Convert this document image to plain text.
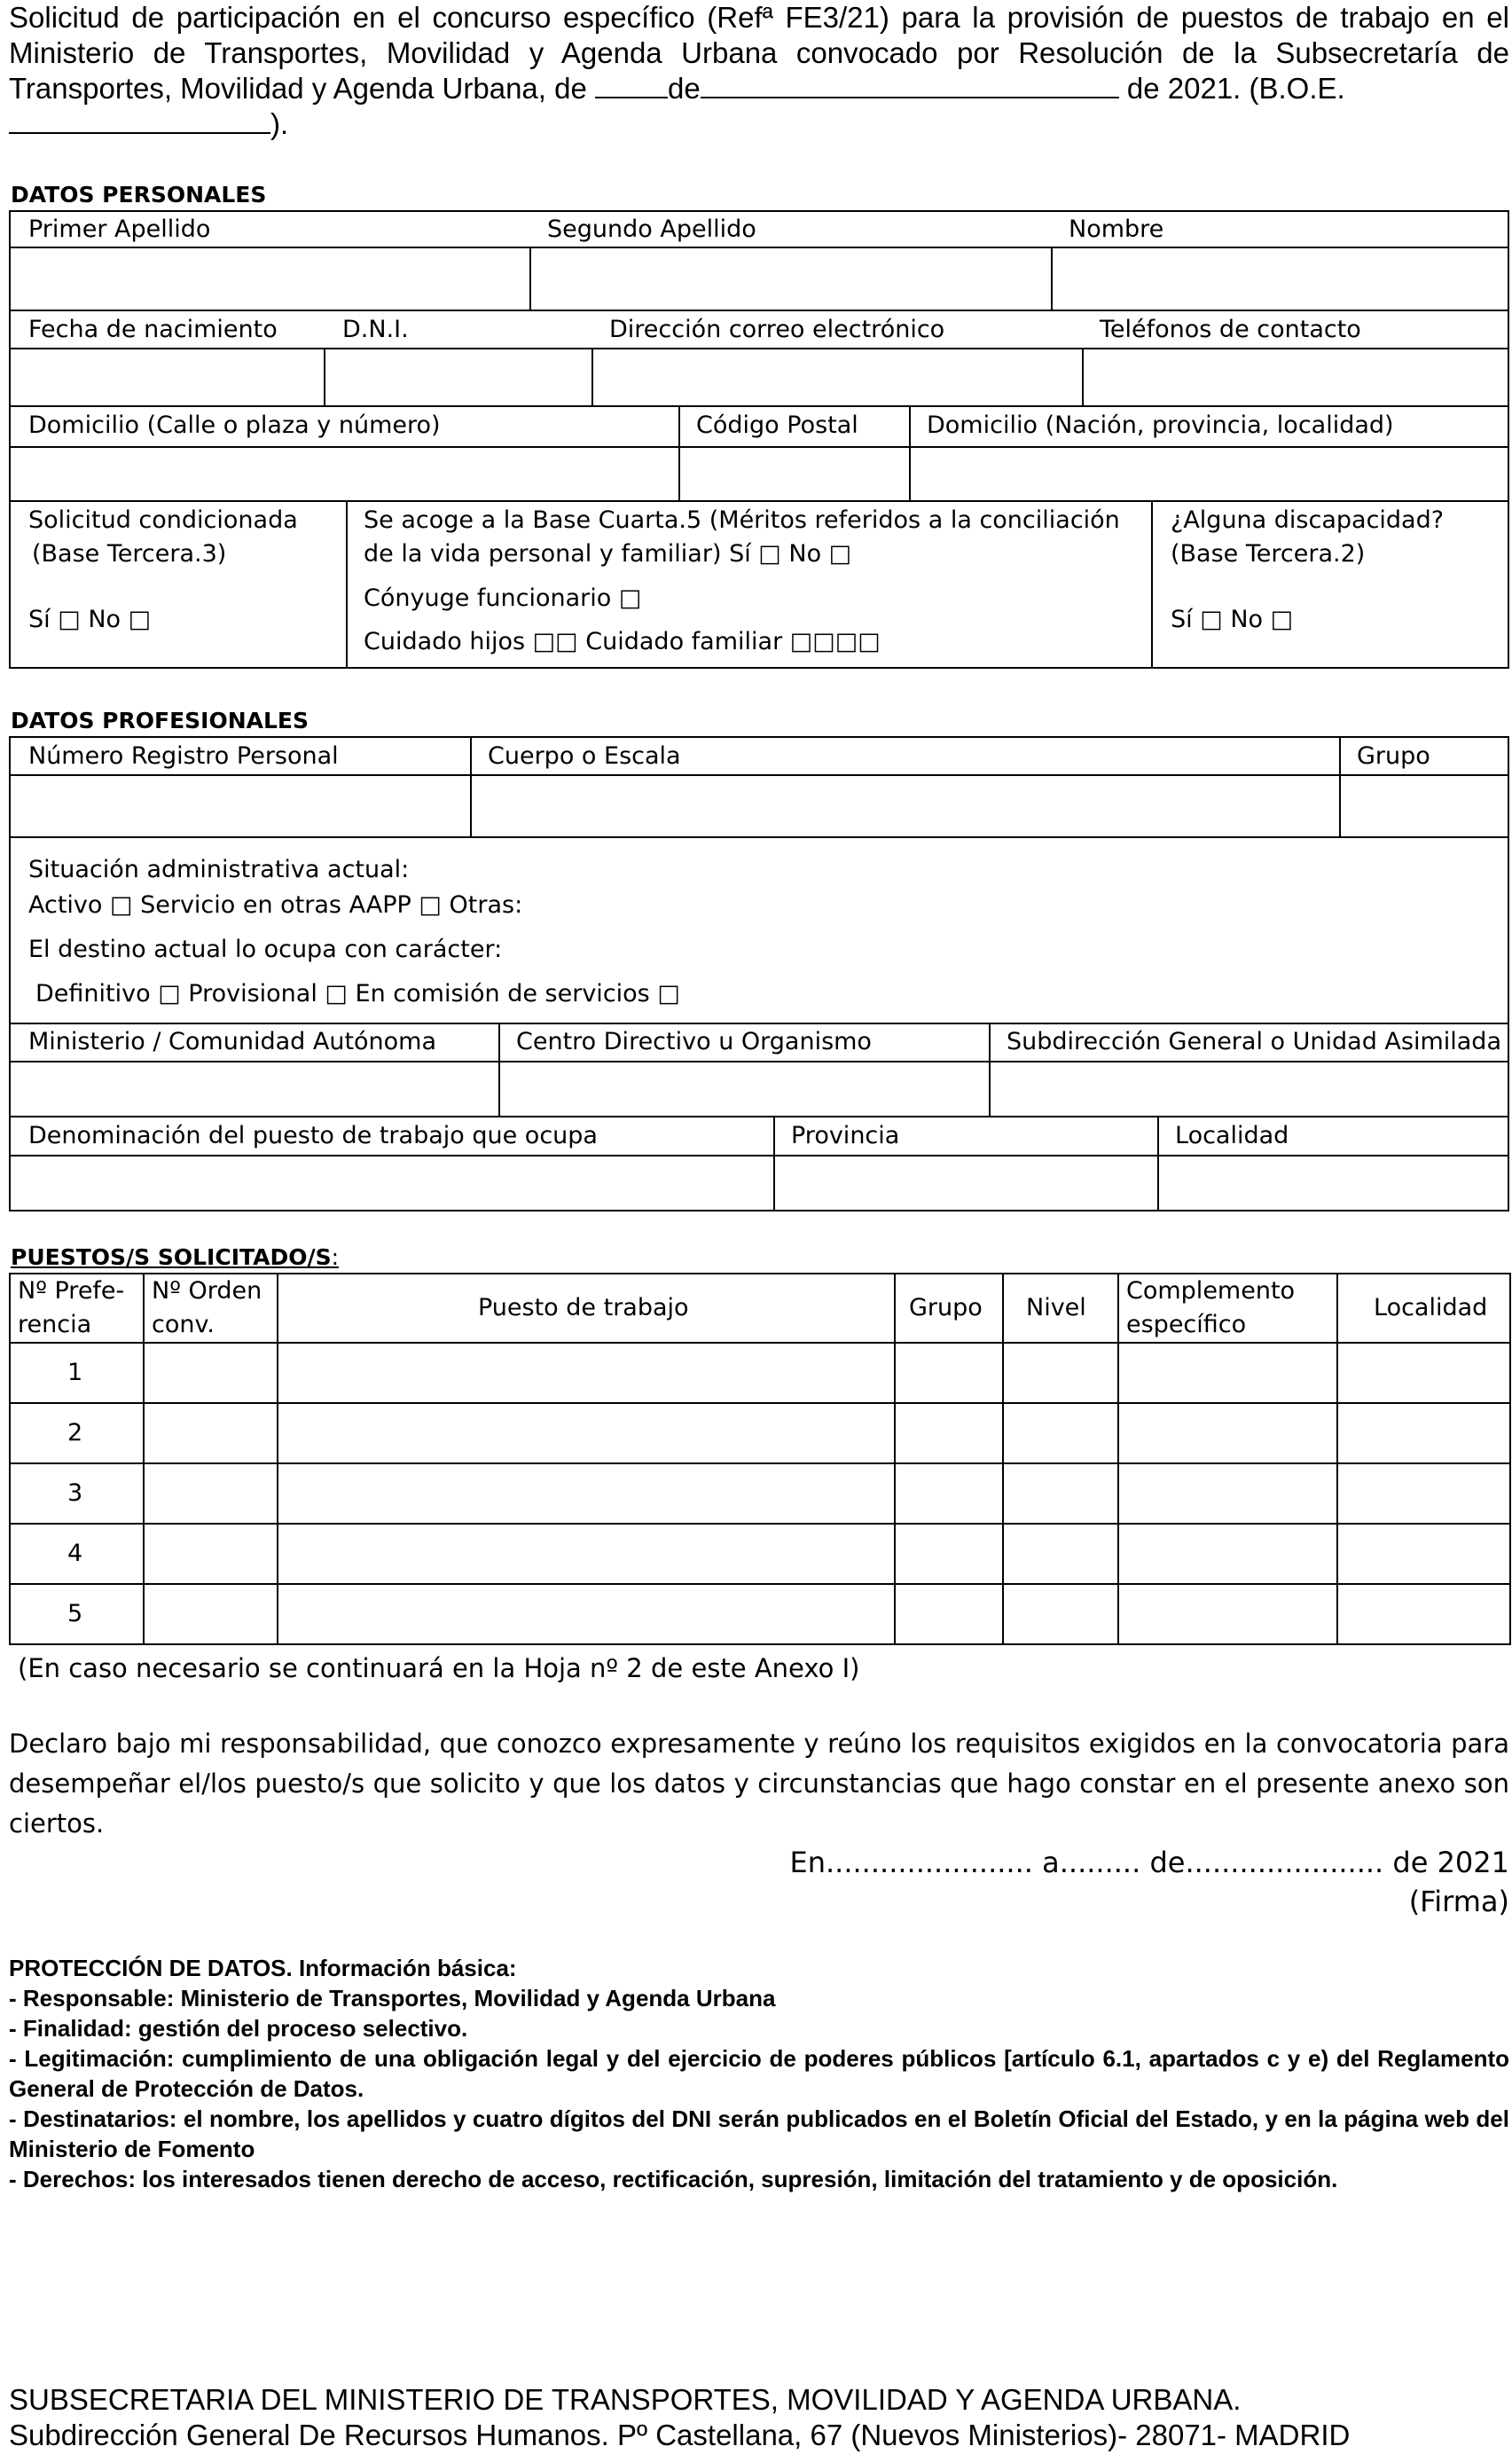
Solicitud de participación en el concurso específico (Refª FE3/21) para la provisión de puestos de trabajo en el Ministerio de Transportes, Movilidad y Agenda Urbana convocado por Resolución de la Subsecretaría de Transportes, Movilidad y Agenda Urbana, de	de	de 2021. (B.O.E.
).
DATOS PERSONALES
Primer Apellido	Segundo Apellido	Nombre
Fecha de nacimiento	D.N.I.	Dirección correo electrónico	Teléfonos de contacto
Domicilio (Calle o plaza y número)	Código Postal	Domicilio (Nación, provincia, localidad)
Solicitud condicionada
(Base Tercera.3)
Sí □ No □
Se acoge a la Base Cuarta.5 (Méritos referidos a la conciliación de la vida personal y familiar) Sí □ No □
Cónyuge funcionario □
Cuidado hijos □□ Cuidado familiar □□□□
¿Alguna discapacidad?
(Base Tercera.2)
Sí □ No □
DATOS PROFESIONALES
Número Registro Personal	Cuerpo o Escala	Grupo
Situación administrativa actual:
Activo □ Servicio en otras AAPP □ Otras:
El destino actual lo ocupa con carácter:
Definitivo □ Provisional □ En comisión de servicios □
Ministerio / Comunidad Autónoma	Centro Directivo u Organismo	Subdirección General o Unidad Asimilada
Denominación del puesto de trabajo que ocupa	Provincia	Localidad
PUESTOS/S SOLICITADO/S:
Nº Prefe-rencia	Nº Orden conv.	Puesto de trabajo	Grupo	Nivel	Complemento específico	Localidad
1						
2						
3						
4						
5						
(En caso necesario se continuará en la Hoja nº 2 de este Anexo I)
Declaro bajo mi responsabilidad, que conozco expresamente y reúno los requisitos exigidos en la convocatoria para desempeñar el/los puesto/s que solicito y que los datos y circunstancias que hago constar en el presente anexo son ciertos.
En....................... a......... de...................... de 2021
(Firma)
PROTECCIÓN DE DATOS. Información básica:
- Responsable: Ministerio de Transportes, Movilidad y Agenda Urbana
- Finalidad: gestión del proceso selectivo.
- Legitimación: cumplimiento de una obligación legal y del ejercicio de poderes públicos [artículo 6.1, apartados c y e) del Reglamento General de Protección de Datos.
- Destinatarios: el nombre, los apellidos y cuatro dígitos del DNI serán publicados en el Boletín Oficial del Estado, y en la página web del Ministerio de Fomento
- Derechos: los interesados tienen derecho de acceso, rectificación, supresión, limitación del tratamiento y de oposición.
SUBSECRETARIA DEL MINISTERIO DE TRANSPORTES, MOVILIDAD Y AGENDA URBANA.
Subdirección General De Recursos Humanos. Pº Castellana, 67 (Nuevos Ministerios)- 28071- MADRID
